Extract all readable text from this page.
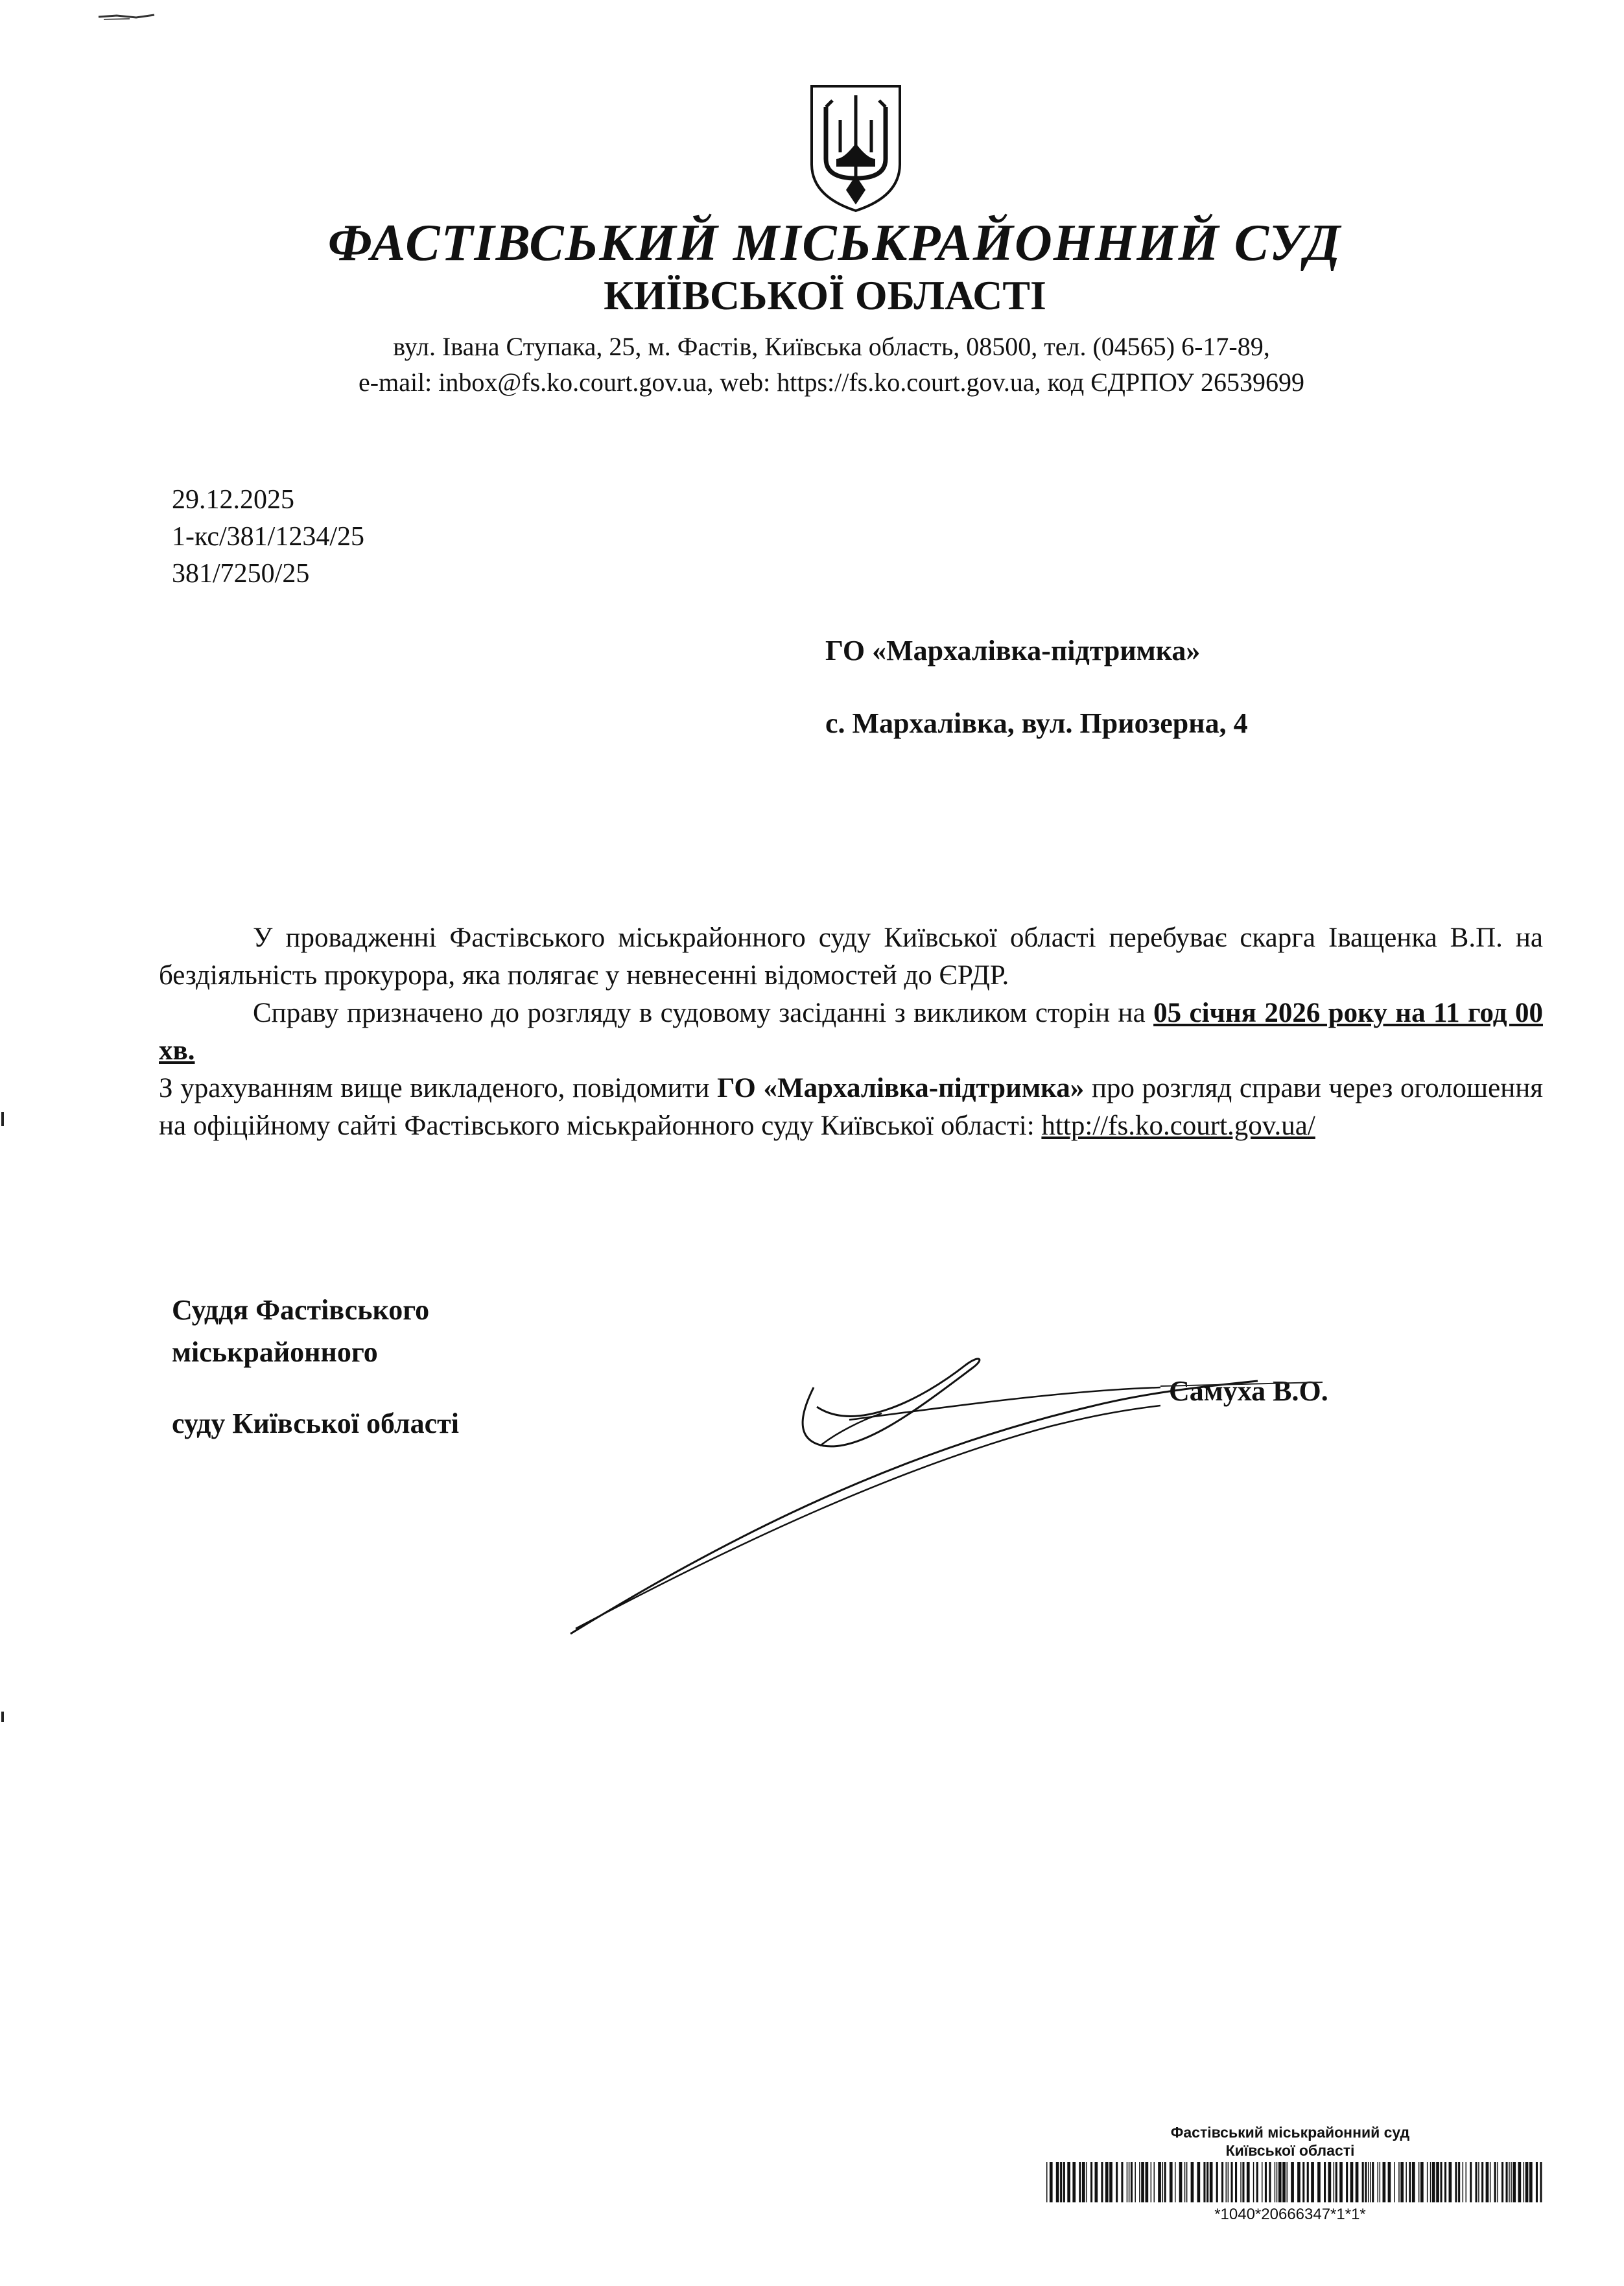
ФАСТІВСЬКИЙ МІСЬКРАЙОННИЙ СУД
КИЇВСЬКОЇ ОБЛАСТІ
вул. Івана Ступака, 25, м. Фастів, Київська область, 08500, тел. (04565) 6-17-89,
e-mail: inbox@fs.ko.court.gov.ua, web: https://fs.ko.court.gov.ua, код ЄДРПОУ 26539699
29.12.2025
1-кс/381/1234/25
381/7250/25
ГО «Мархалівка-підтримка»
с. Мархалівка, вул. Приозерна, 4

У провадженні Фастівського міськрайонного суду Київської області перебуває скарга Іващенка В.П. на бездіяльність прокурора, яка полягає у невнесенні відомостей до ЄРДР.

Справу призначено до розгляду в судовому засіданні з викликом сторін на 05 січня 2026 року на 11 год 00 хв.

З урахуванням вище викладеного, повідомити ГО «Мархалівка-підтримка» про розгляд справи через оголошення на офіційному сайті Фастівського міськрайонного суду Київської області: http://fs.ko.court.gov.ua/

Суддя Фастівського
міськрайонного
суду Київської області
Самуха В.О.
Фастівський міськрайонний суд
Київської області
*1040*20666347*1*1*
